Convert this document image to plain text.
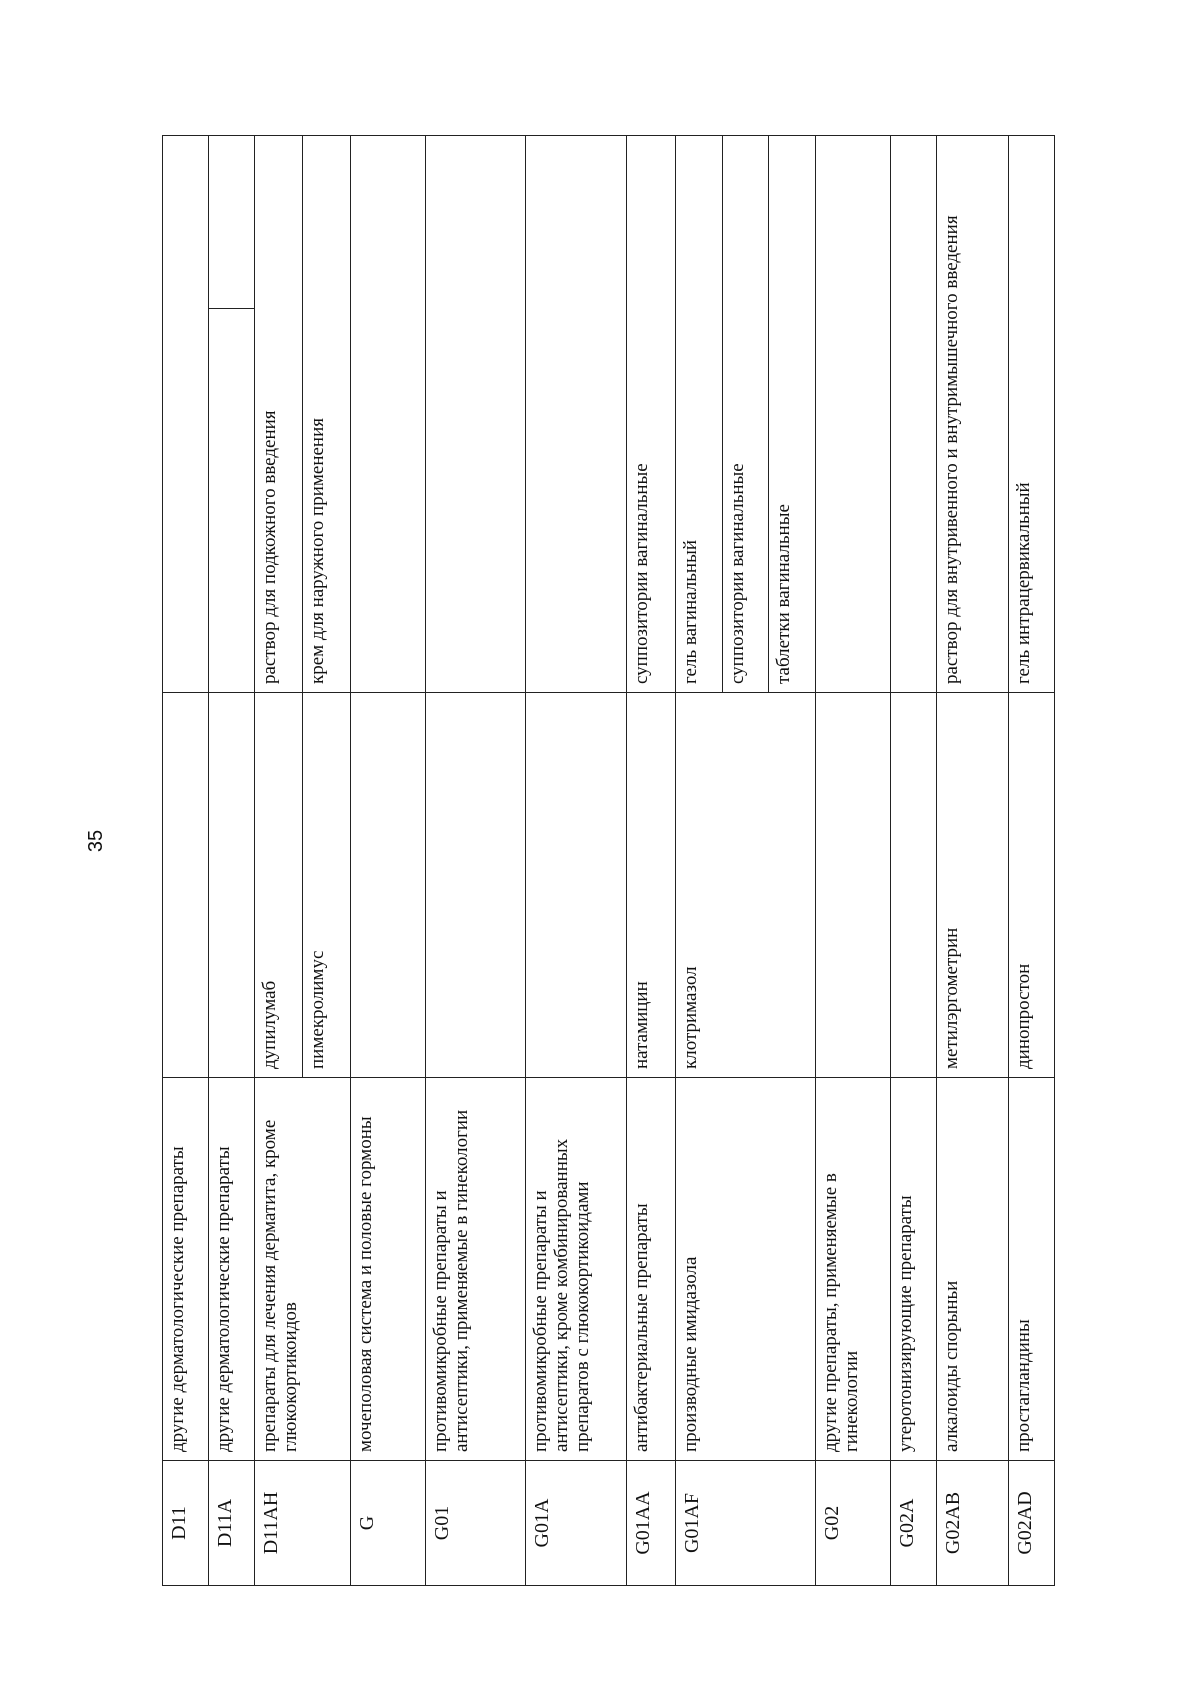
35
D11	другие дерматологические препараты			
D11A	другие дерматологические препараты			
D11AH	препараты для лечения дерматита, кроме глюкокортикоидов	дупилумаб	раствор для подкожного введения	
		пимекролимус	крем для наружного применения	
G	мочеполовая система и половые гормоны			
G01	противомикробные препараты и антисептики, применяемые в гинекологии			
G01A	противомикробные препараты и антисептики, кроме комбинированных препаратов с глюкокортикоидами			
G01AA	антибактериальные препараты	натамицин	суппозитории вагинальные	
G01AF	производные имидазола	клотримазол	гель вагинальный	
			суппозитории вагинальные	
			таблетки вагинальные	
G02	другие препараты, применяемые в гинекологии			
G02A	утеротонизирующие препараты			
G02AB	алкалоиды спорыньи	метилэргометрин	раствор для внутривенного и внутримышечного введения	
G02AD	простагландины	динопростон	гель интрацервикальный	
